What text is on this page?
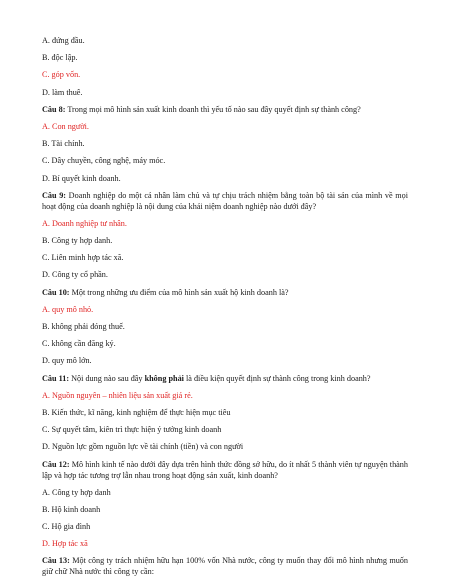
A. đứng đầu.
B. độc lập.
C. góp vốn.
D. làm thuê.
Câu 8: Trong mọi mô hình sản xuất kinh doanh thì yếu tố nào sau đây quyết định sự thành công?
A. Con người.
B. Tài chính.
C. Dây chuyền, công nghệ, máy móc.
D. Bí quyết kinh doanh.
Câu 9: Doanh nghiệp do một cá nhân làm chủ và tự chịu trách nhiệm bằng toàn bộ tài sản của mình về mọi hoạt động của doanh nghiệp là nội dung của khái niệm doanh nghiệp nào dưới đây?
A. Doanh nghiệp tư nhân.
B. Công ty hợp danh.
C. Liên minh hợp tác xã.
D. Công ty cổ phần.
Câu 10: Một trong những ưu điểm của mô hình sản xuất hộ kinh doanh là?
A. quy mô nhỏ.
B. không phải đóng thuế.
C. không cần đăng ký.
D. quy mô lớn.
Câu 11: Nội dung nào sau đây không phải là điều kiện quyết định sự thành công trong kinh doanh?
A. Nguồn nguyên – nhiên liệu sản xuất giá rẻ.
B. Kiến thức, kĩ năng, kinh nghiệm để thực hiện mục tiêu
C. Sự quyết tâm, kiên trì thực hiện ý tưởng kinh doanh
D. Nguồn lực gồm nguồn lực về tài chính (tiền) và con người
Câu 12: Mô hình kinh tế nào dưới đây dựa trên hình thức đồng sở hữu, do ít nhất 5 thành viên tự nguyện thành lập và hợp tác tương trợ lẫn nhau trong hoạt động sản xuất, kinh doanh?
A. Công ty hợp danh
B. Hộ kinh doanh
C. Hộ gia đình
D. Hợp tác xã
Câu 13: Một công ty trách nhiệm hữu hạn 100% vốn Nhà nước, công ty muốn thay đổi mô hình nhưng muốn giữ chữ Nhà nước thì công ty cần:
